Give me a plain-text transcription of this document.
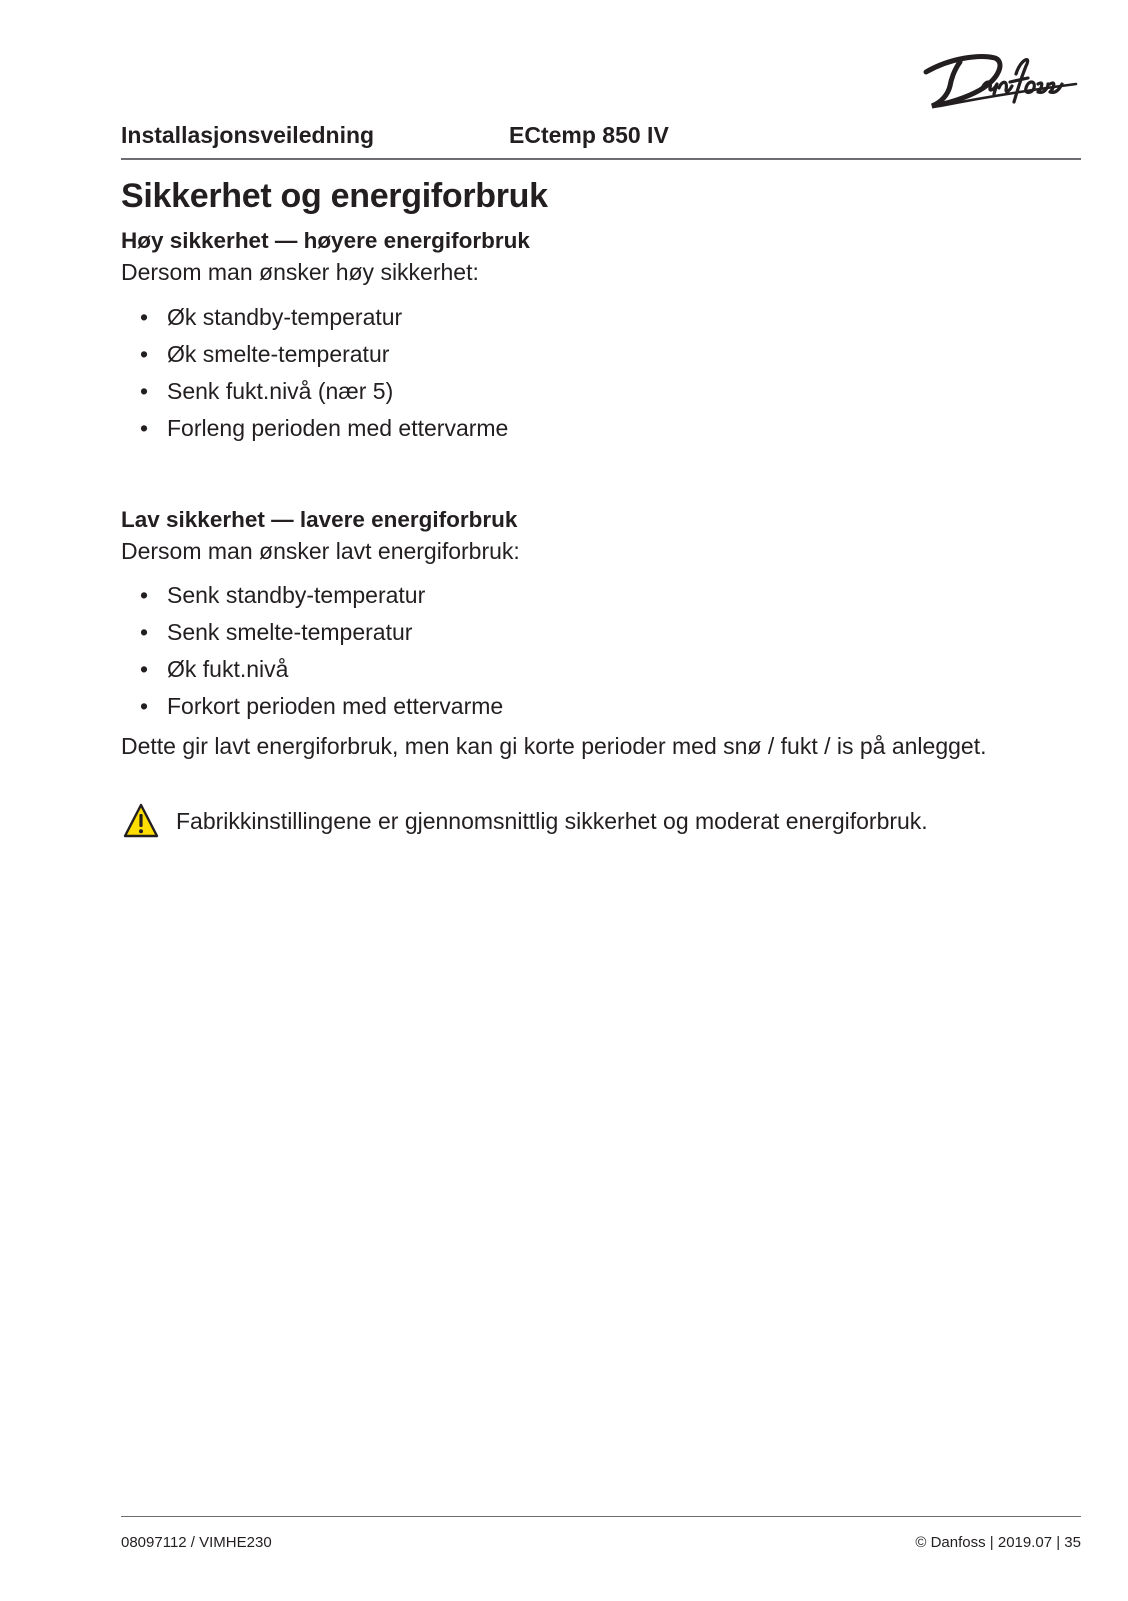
Installasjonsveiledning	ECtemp 850 IV
Sikkerhet og energiforbruk

Høy sikkerhet — høyere energiforbruk

Dersom man ønsker høy sikkerhet:

• Øk standby-temperatur
• Øk smelte-temperatur
• Senk fukt.nivå (nær 5)
• Forleng perioden med ettervarme

Lav sikkerhet — lavere energiforbruk

Dersom man ønsker lavt energiforbruk:

• Senk standby-temperatur
• Senk smelte-temperatur
• Øk fukt.nivå
• Forkort perioden med ettervarme

Dette gir lavt energiforbruk, men kan gi korte perioder med snø / fukt / is på anlegget.

Fabrikkinstillingene er gjennomsnittlig sikkerhet og moderat energiforbruk.
08097112 / VIMHE230	© Danfoss | 2019.07 | 35
